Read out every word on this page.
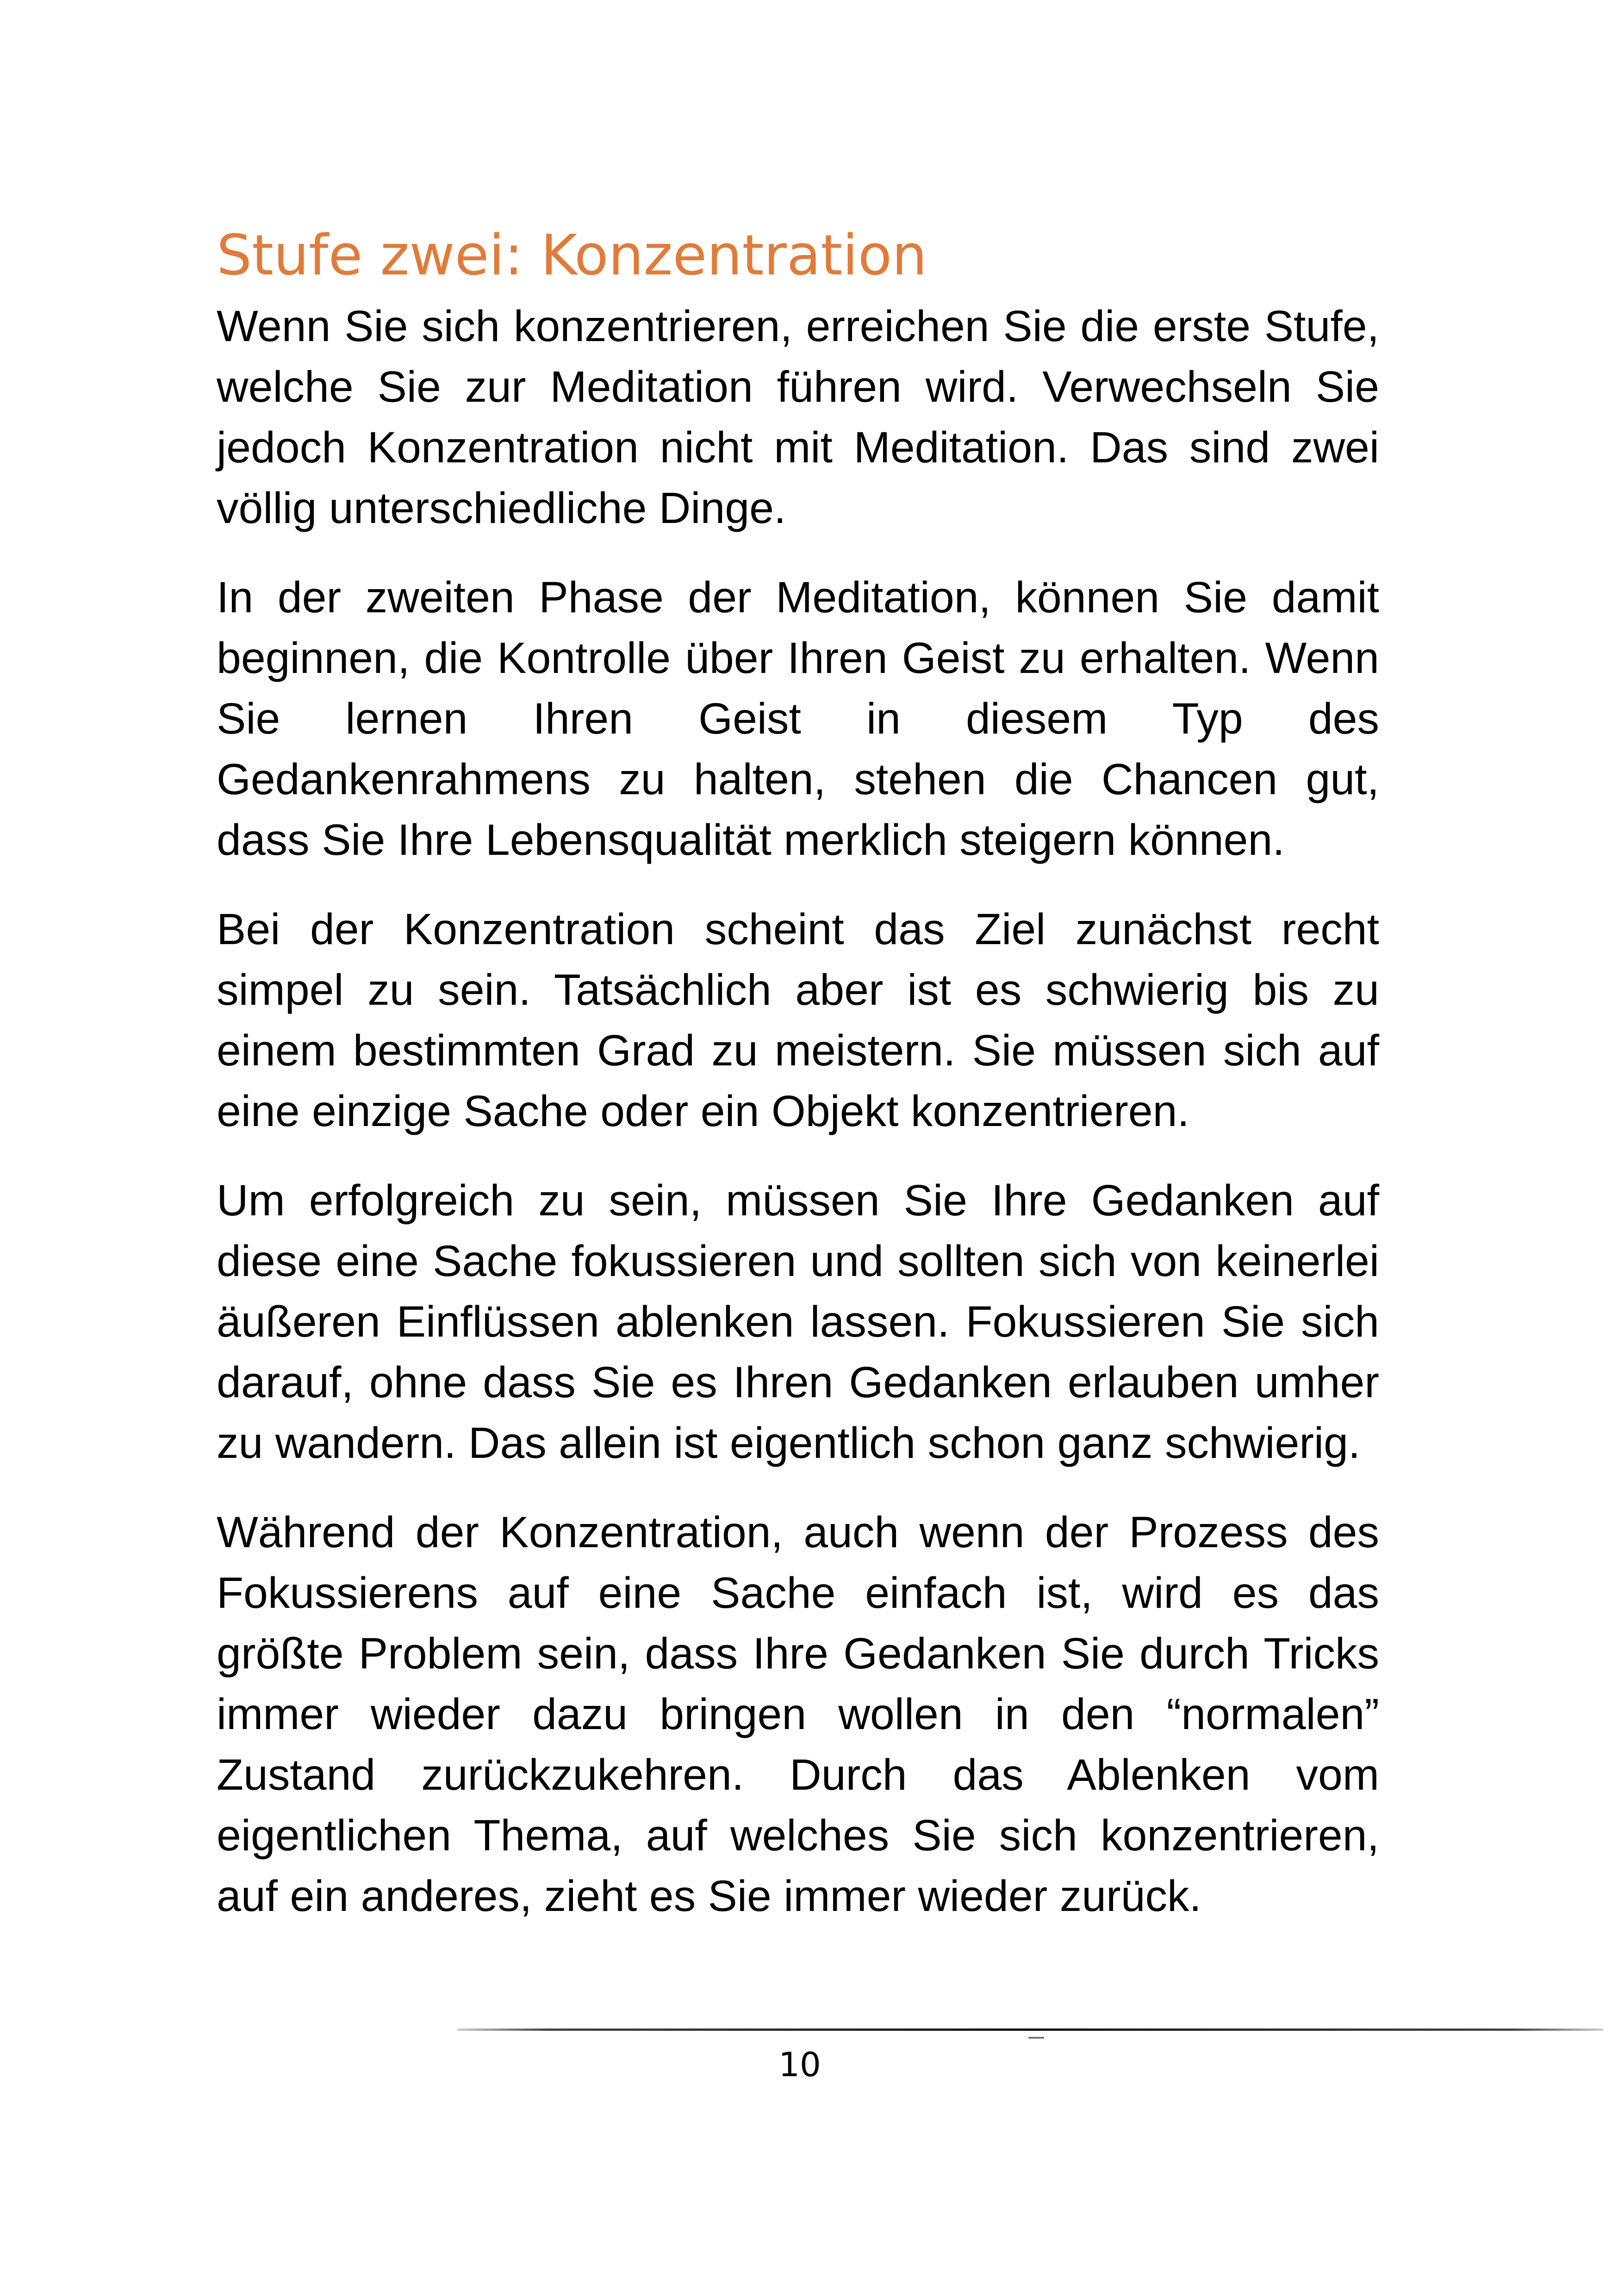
Stufe zwei: Konzentration

Wenn Sie sich konzentrieren, erreichen Sie die erste Stufe, welche Sie zur Meditation führen wird. Verwechseln Sie jedoch Konzentration nicht mit Meditation. Das sind zwei völlig unterschiedliche Dinge.

In der zweiten Phase der Meditation, können Sie damit beginnen, die Kontrolle über Ihren Geist zu erhalten. Wenn Sie lernen Ihren Geist in diesem Typ des Gedankenrahmens zu halten, stehen die Chancen gut, dass Sie Ihre Lebensqualität merklich steigern können.

Bei der Konzentration scheint das Ziel zunächst recht simpel zu sein. Tatsächlich aber ist es schwierig bis zu einem bestimmten Grad zu meistern. Sie müssen sich auf eine einzige Sache oder ein Objekt konzentrieren.

Um erfolgreich zu sein, müssen Sie Ihre Gedanken auf diese eine Sache fokussieren und sollten sich von keinerlei äußeren Einflüssen ablenken lassen. Fokussieren Sie sich darauf, ohne dass Sie es Ihren Gedanken erlauben umher zu wandern. Das allein ist eigentlich schon ganz schwierig.

Während der Konzentration, auch wenn der Prozess des Fokussierens auf eine Sache einfach ist, wird es das größte Problem sein, dass Ihre Gedanken Sie durch Tricks immer wieder dazu bringen wollen in den “normalen” Zustand zurückzukehren. Durch das Ablenken vom eigentlichen Thema, auf welches Sie sich konzentrieren, auf ein anderes, zieht es Sie immer wieder zurück.

10
